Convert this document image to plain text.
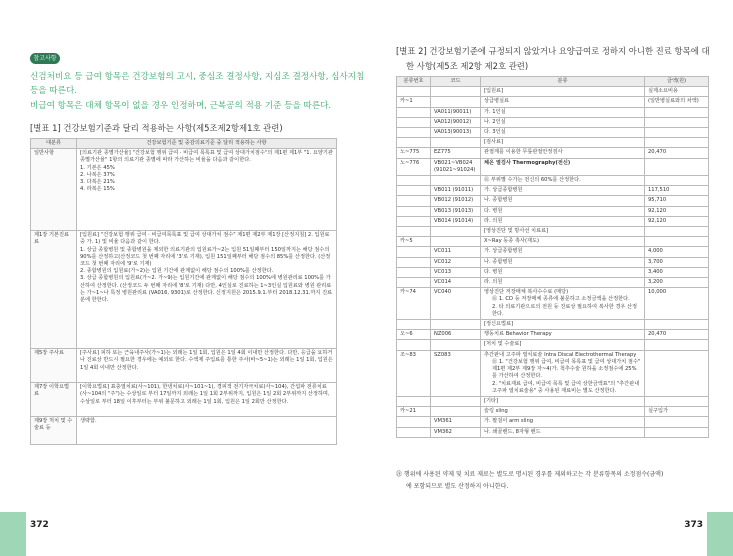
참고사항
신검처비요 등 급여 항목은 건강보험의 고시, 중심조 결정사항, 지심조 결정사항, 심사지침
등을 따른다.
비급여 항목은 대체 항목이 없을 경우 인정하며, 근복공의 적용 기준 등을 따른다.
[별표 1] 건강보험기준과 달리 적용하는 사항(제5조제2항제1호 관련)
대분류	건강보험기준 및 중감의료기준 중 달리 적용하는 사항
일반사항	[의료기관 종별가산율] "건강보험 행위 급여 · 비급여 목록표 및 급여 상대가치점수"의 제1편 제1부 "1. 요양기관 종별가산율" 1항의 의료기관 종별에 따라 가산하는 비율을 다음과 같이한다.
1. 기본은 45%
2. 나복은 37%
3. 다복은 21%
4. 라복은 15%

제1장 기본진료료	[입원료] "건강보험 행위 급여 · 비급여목록표 및 급여 상대가치 점수" 제1편 제2부 제1장 [산정지침] 2. 입원료 중 가. 1) 및 비율 다음과 같이 한다.
1. 상급 종합병원 및 종합병원을 제외한 의료기관의 입원료가~2는 입원 51일째부터 150일까지는 해당 점수의 90%를 산정하고(산정코드 첫 번째 자리에 '3'로 기재), 입원 151일째부터 해당 점수의 85%를 산정한다. (산정코드 첫 번째 자리에 '9'로 기재)
2. 종합병원의 입원료(가~2)는 입원 기간에 관계없이 해당 점수의 100%를 산정한다.
3. 상급 종합병원의 입원료(가~2. 가~9)는 입원기간에 관계없이 해당 점수의 100%에 병원관리료 100%를 가산하여 산정한다. (산정코드 두 번째 자리에 '8'로 기재) 다만, 4인실로 진료하는 1~3인실 입원료와 병원 관리료는 가~1~나 특정 병원관리료 (VA016, 9301)로 산정한다. 신정지원은 2015.9.1.부터 2018.12.31.까지 진료분에 한한다.

제5장 주사료	[주사료] 피하 또는 근육내주사(가~1)는 외래는 1일 1회, 입원은 1일 4회 이내만 산정한다. 다만, 응급을 요하거나 진료상 반드시 필요한 경우에는 예외로 한다. 수액제 주입료를 통한 주사(바~5~1)는 외래는 1일 1회, 입원은 1일 4회 이내만 산정한다.

제7장 이학요법료	[이학요법료] 표층열치료(사~101), 한냉치료(사~101~1), 경피적 전기자극치료(사~104), 간섭파 전류치료(사~104의 "주")는 수상일로 부터 17일까지 외래는 1일 1회 2부위까지, 입원은 1일 2회 2부위까지 산정하며, 수상일로 부터 18일 이후부터는 부위 불문하고 외래는 1일 1회, 입원은 1일 2회만 산정한다.

제9장 처치 및 수술료 등	생략함.
372
[별표 2] 건강보험기준에 규정되지 않았거나 요양급여로 정하지 아니한 진료 항목에 대
한 사항(제5조 제2항 제2호 관련)
분류번호	코드	분류	금액(원)

		[입원료]	실제소요비용

카~1		상급병실료	(일반병실료와의 차액)

	VA011(90011)	가. 1인실	

	VA012(90012)	나. 2인실	

	VA013(90013)	다. 3인실	

		[검사료]	

노~775	EZ775	관절계를 이용한 무릎관절안정검사	20,470

노~776	VB021~VB024 (91021~91024)	체온 열검사 Thermography(전신)	

		㊟ 부위별 수가는 전신의 60%를 산정한다.	

	VB011 (91011)	가. 상급종합병원	117,510

	VB012 (91012)	나. 종합병원	95,710

	VB013 (91013)	다. 병원	92,120

	VB014 (91014)	라. 의원	92,120

		[영상진단 및 방사선 치료료]	

카~5		X~Ray 동종 촉사(재도)	

	VC011	가. 상급종합병원	4,000

	VC012	나. 종합병원	3,700

	VC013	다. 병원	3,400

	VC014	라. 의원	3,200

카~74	VC040	영상진단 저장매체 복사수수료 (매당)
㊟ 1. CD 등 저장매체 종류에 불문하고 소정금액을 산정한다.
2. 타 의료기관으로의 전원 등 진료상 필요하여 복사한 경우 산정한다.	10,000

		[정신요법료]	

오~6	NZ006	행동치료 Behavior Therapy	20,470

		[처치 및 수술료]	

조~83	SZ083	추간판내 고주파 열치료술 Intra Discal Electrothermal Therapy
㊟ 1. "건강보험 행위 급여, 비급여 목록표 및 급여 상대가치 점수" 제1편 제2부 제9장 자~4(가. 척추수술 원하을 소정점수에 25%를 가산하여 산정한다.
2. "치료재료 급여, 비급여 목록 및 급여 상한금액표"의 "추간판내 고주파 열치료술용" 중 사용된 재료비는 별도 산정한다.	

		[기타]	

카~21		슬링 sling	실구입가

	VM361	가. 팔걸이 arm sling	

	VM362	나. 쇄골밴드, 8자형 밴드	

㊟ 행위에 사용된 약제 및 치료 재료는 별도로 명시된 경우를 제외하고는 각 분류항목의 소정점수(금액)
에 포함되므로 별도 산정하지 아니한다.
373
